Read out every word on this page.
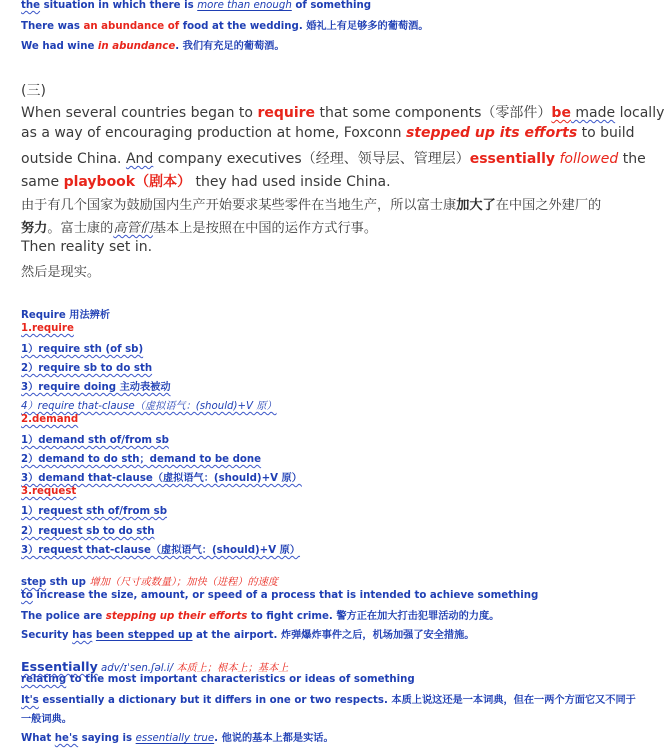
the situation in which there is more than enough of something
There was an abundance of food at the wedding. 婚礼上有足够多的葡萄酒。
We had wine in abundance. 我们有充足的葡萄酒。
(三)
When several countries began to require that some components（零部件）be made locally
as a way of encouraging production at home, Foxconn stepped up its efforts to build
outside China. And company executives（经理、领导层、管理层）essentially followed the
same playbook（剧本） they had used inside China.
由于有几个国家为鼓励国内生产开始要求某些零件在当地生产，所以富士康加大了在中国之外建厂的
努力。富士康的高管们基本上是按照在中国的运作方式行事。
Then reality set in.
然后是现实。
Require 用法辨析
1.require
1）require sth (of sb)
2）require sb to do sth
3）require doing 主动表被动
4）require that-clause（虚拟语气：(should)+V 原）
2.demand
1）demand sth of/from sb
2）demand to do sth；demand to be done
3）demand that-clause（虚拟语气：(should)+V 原）
3.request
1）request sth of/from sb
2）request sb to do sth
3）request that-clause（虚拟语气：(should)+V 原）
step sth up 增加（尺寸或数量）；加快（进程）的速度
to increase the size, amount, or speed of a process that is intended to achieve something
The police are stepping up their efforts to fight crime. 警方正在加大打击犯罪活动的力度。
Security has been stepped up at the airport. 炸弹爆炸事件之后，机场加强了安全措施。
Essentially adv/ɪˈsen.ʃəl.i/ 本质上；根本上；基本上
relating to the most important characteristics or ideas of something
It's essentially a dictionary but it differs in one or two respects. 本质上说这还是一本词典，但在一两个方面它又不同于
一般词典。
What he's saying is essentially true. 他说的基本上都是实话。
